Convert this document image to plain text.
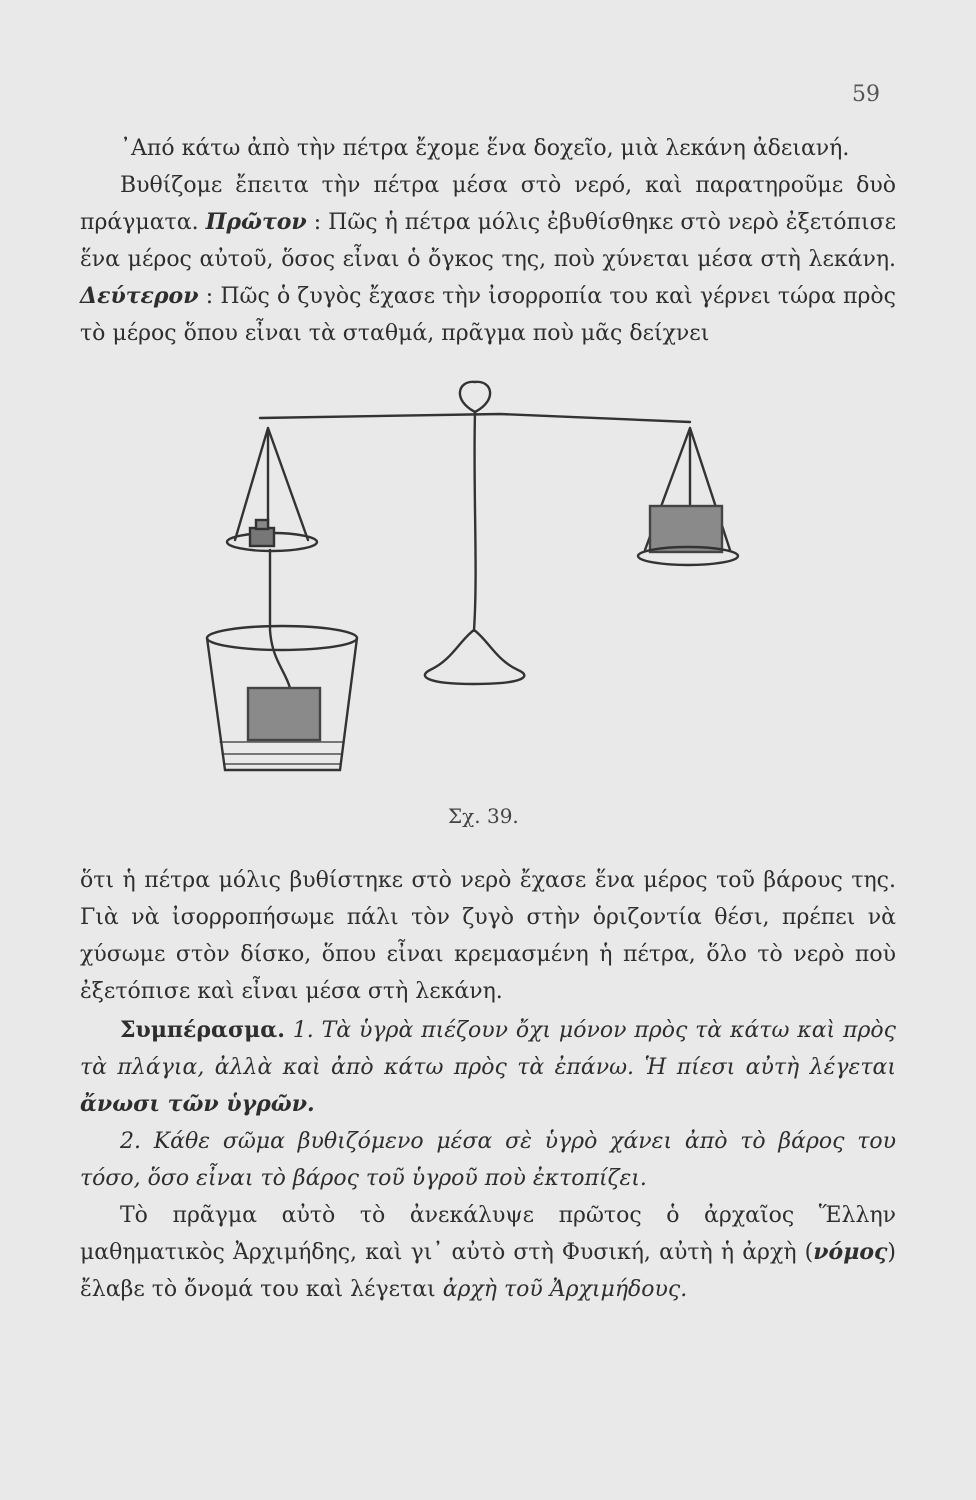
59

᾿Από κάτω ἀπὸ τὴν πέτρα ἔχομε ἕνα δοχεῖο, μιὰ λεκάνη ἀδειανή.

Βυθίζομε ἔπειτα τὴν πέτρα μέσα στὸ νερό, καὶ παρατηροῦμε δυὸ πράγματα. Πρῶτον : Πῶς ἡ πέτρα μόλις ἐβυθίσθηκε στὸ νερὸ ἐξετόπισε ἕνα μέρος αὐτοῦ, ὅσος εἶναι ὁ ὄγκος της, ποὺ χύνεται μέσα στὴ λεκάνη. Δεύτερον : Πῶς ὁ ζυγὸς ἔχασε τὴν ἰσορροπία του καὶ γέρνει τώρα πρὸς τὸ μέρος ὅπου εἶναι τὰ σταθμά, πρᾶγμα ποὺ μᾶς δείχνει

Σχ. 39.

ὅτι ἡ πέτρα μόλις βυθίστηκε στὸ νερὸ ἔχασε ἕνα μέρος τοῦ βάρους της. Γιὰ νὰ ἰσορροπήσωμε πάλι τὸν ζυγὸ στὴν ὁριζοντία θέσι, πρέπει νὰ χύσωμε στὸν δίσκο, ὅπου εἶναι κρεμασμένη ἡ πέτρα, ὅλο τὸ νερὸ ποὺ ἐξετόπισε καὶ εἶναι μέσα στὴ λεκάνη.

Συμπέρασμα. 1. Τὰ ὑγρὰ πιέζουν ὄχι μόνον πρὸς τὰ κάτω καὶ πρὸς τὰ πλάγια, ἀλλὰ καὶ ἀπὸ κάτω πρὸς τὰ ἐπάνω. Ἡ πίεσι αὐτὴ λέγεται ἄνωσι τῶν ὑγρῶν.

2. Κάθε σῶμα βυθιζόμενο μέσα σὲ ὑγρὸ χάνει ἀπὸ τὸ βάρος του τόσο, ὅσο εἶναι τὸ βάρος τοῦ ὑγροῦ ποὺ ἐκτοπίζει.

Τὸ πρᾶγμα αὐτὸ τὸ ἀνεκάλυψε πρῶτος ὁ ἀρχαῖος Ἕλλην μαθηματικὸς Ἀρχιμήδης, καὶ γι᾿ αὐτὸ στὴ Φυσική, αὐτὴ ἡ ἀρχὴ (νόμος) ἔλαβε τὸ ὄνομά του καὶ λέγεται ἀρχὴ τοῦ Ἀρχιμήδους.
